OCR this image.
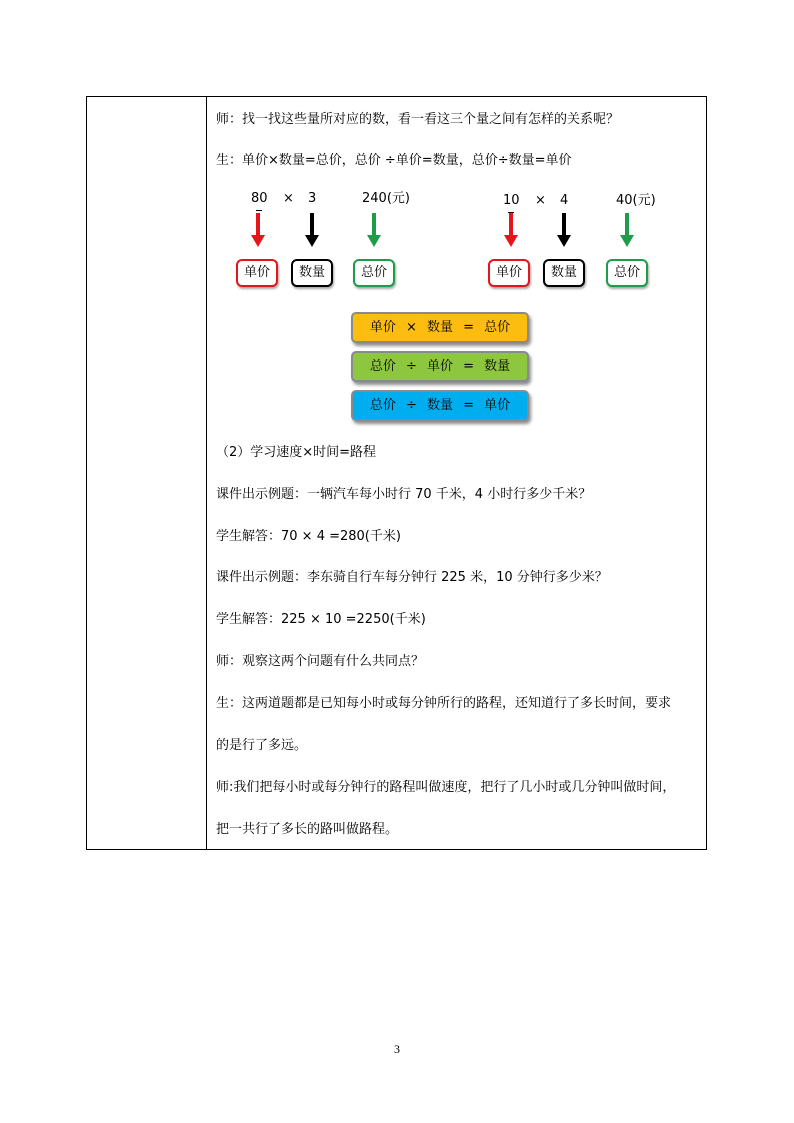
师：找一找这些量所对应的数，看一看这三个量之间有怎样的关系呢？
生：单价×数量=总价，总价 ÷单价=数量，总价÷数量=单价
80 × 3	240(元)
单价	数量	总价
10 × 4	40(元)
单价	数量	总价
单价 × 数量 = 总价
总价 ÷ 单价 = 数量
总价 ÷ 数量 = 单价
（2）学习速度×时间=路程
课件出示例题：一辆汽车每小时行 70 千米，4 小时行多少千米？
学生解答：70 × 4 =280(千米)
课件出示例题：李东骑自行车每分钟行 225 米，10 分钟行多少米？
学生解答：225 × 10 =2250(千米)
师：观察这两个问题有什么共同点？
生：这两道题都是已知每小时或每分钟所行的路程，还知道行了多长时间，要求
的是行了多远。
师:我们把每小时或每分钟行的路程叫做速度，把行了几小时或几分钟叫做时间，
把一共行了多长的路叫做路程。
3
